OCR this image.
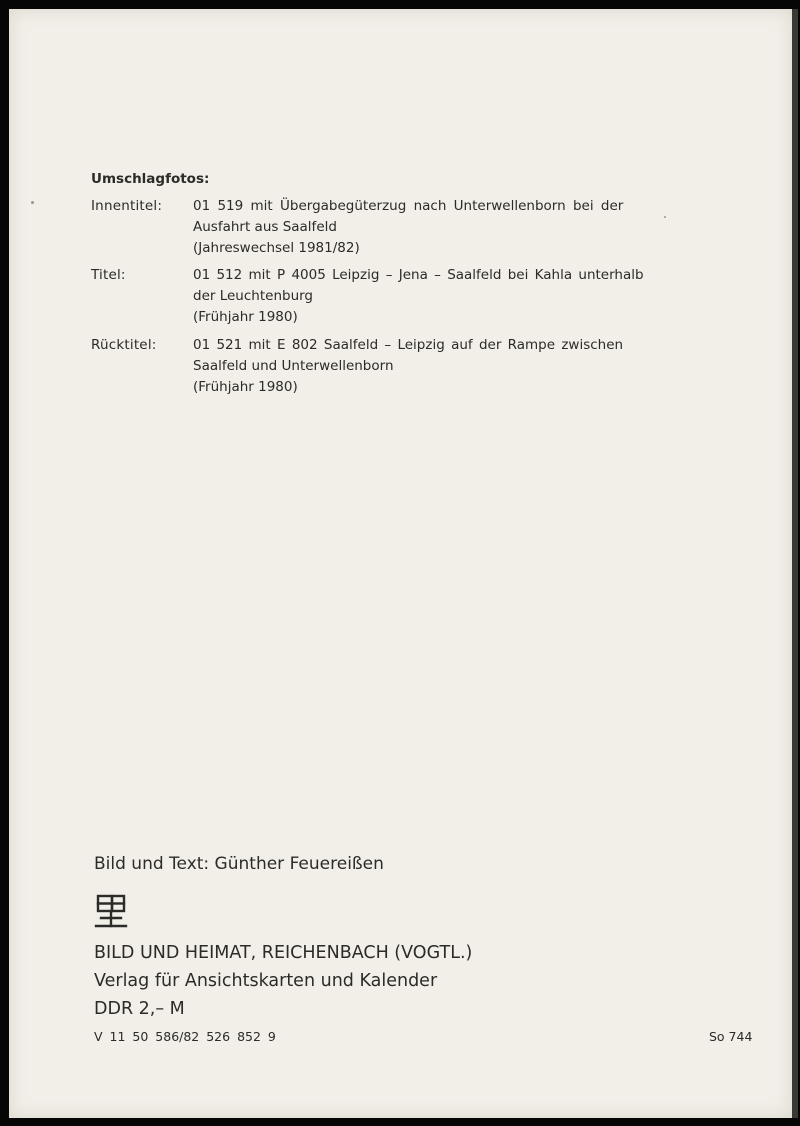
Umschlagfotos:
Innentitel: 01 519 mit Übergabegüterzug nach Unterwellenborn bei der
Ausfahrt aus Saalfeld
(Jahreswechsel 1981/82)
Titel:	01 512 mit P 4005 Leipzig – Jena – Saalfeld bei Kahla unterhalb
der Leuchtenburg
(Frühjahr 1980)
Rücktitel:	01 521 mit E 802 Saalfeld – Leipzig auf der Rampe zwischen
Saalfeld und Unterwellenborn
(Frühjahr 1980)
Bild und Text: Günther Feuereißen
BILD UND HEIMAT, REICHENBACH (VOGTL.)
Verlag für Ansichtskarten und Kalender
DDR 2,– M
V 11 50 586/82 526 852 9	So 744
